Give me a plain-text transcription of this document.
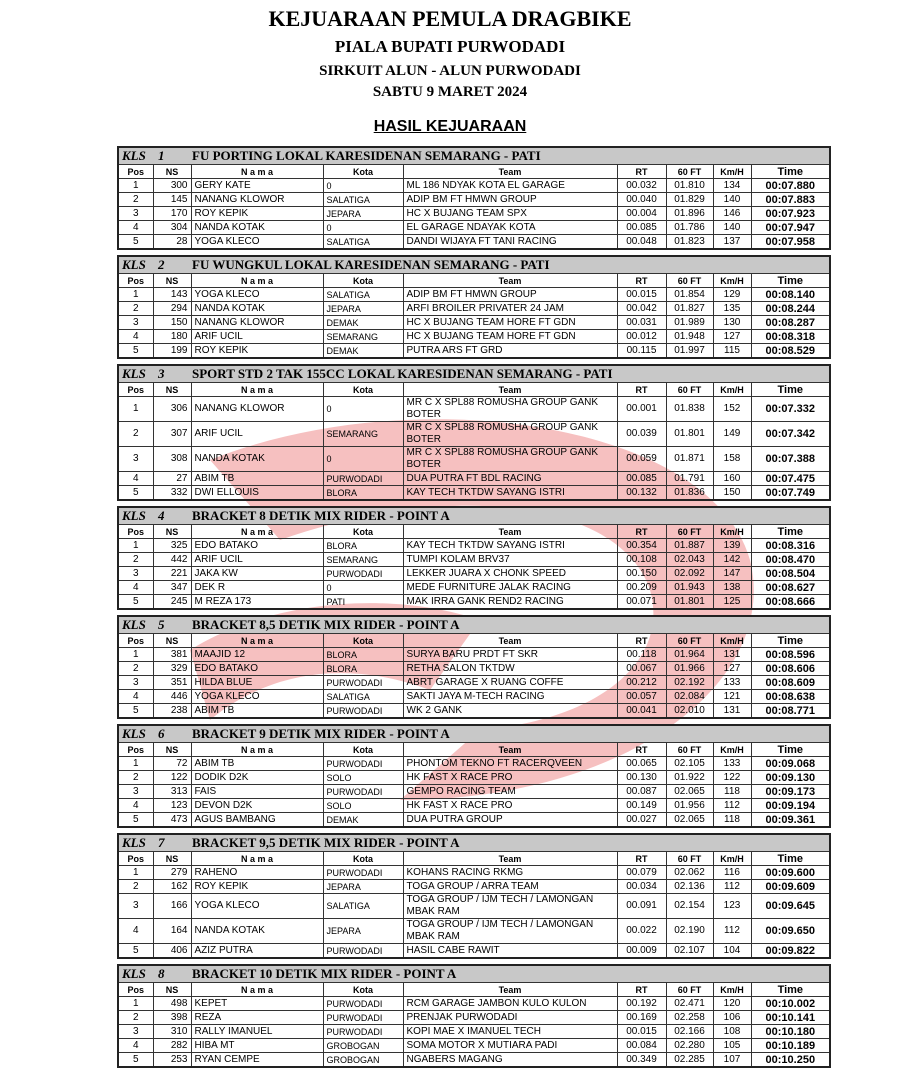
KEJUARAAN PEMULA DRAGBIKE
PIALA BUPATI PURWODADI
SIRKUIT ALUN - ALUN PURWODADI
SABTU 9 MARET 2024
HASIL KEJUARAAN
KLS 1 FU PORTING LOKAL KARESIDENAN SEMARANG - PATI								
Pos	NS	N a m a	Kota	Team	RT	60 FT	Km/H	Time
1	300	GERY KATE	0	ML 186 NDYAK KOTA EL GARAGE	00.032	01.810	134	00:07.880
2	145	NANANG KLOWOR	SALATIGA	ADIP BM FT HMWN GROUP	00.040	01.829	140	00:07.883
3	170	ROY KEPIK	JEPARA	HC X BUJANG TEAM SPX	00.004	01.896	146	00:07.923
4	304	NANDA KOTAK	0	EL GARAGE NDAYAK KOTA	00.085	01.786	140	00:07.947
5	28	YOGA KLECO	SALATIGA	DANDI WIJAYA FT TANI RACING	00.048	01.823	137	00:07.958
KLS 2 FU WUNGKUL LOKAL KARESIDENAN SEMARANG - PATI								
Pos	NS	N a m a	Kota	Team	RT	60 FT	Km/H	Time
1	143	YOGA KLECO	SALATIGA	ADIP BM FT HMWN GROUP	00.015	01.854	129	00:08.140
2	294	NANDA KOTAK	JEPARA	ARFI BROILER PRIVATER 24 JAM	00.042	01.827	135	00:08.244
3	150	NANANG KLOWOR	DEMAK	HC X BUJANG TEAM HORE FT GDN	00.031	01.989	130	00:08.287
4	180	ARIF UCIL	SEMARANG	HC X BUJANG TEAM HORE FT GDN	00.012	01.948	127	00:08.318
5	199	ROY KEPIK	DEMAK	PUTRA ARS FT GRD	00.115	01.997	115	00:08.529
KLS 3 SPORT STD 2 TAK 155CC LOKAL KARESIDENAN SEMARANG - PATI								
Pos	NS	N a m a	Kota	Team	RT	60 FT	Km/H	Time
1	306	NANANG KLOWOR	0	MR C X SPL88 ROMUSHA GROUP GANK BOTER	00.001	01.838	152	00:07.332
2	307	ARIF UCIL	SEMARANG	MR C X SPL88 ROMUSHA GROUP GANK BOTER	00.039	01.801	149	00:07.342
3	308	NANDA KOTAK	0	MR C X SPL88 ROMUSHA GROUP GANK BOTER	00.059	01.871	158	00:07.388
4	27	ABIM TB	PURWODADI	DUA PUTRA FT BDL RACING	00.085	01.791	160	00:07.475
5	332	DWI ELLOUIS	BLORA	KAY TECH TKTDW SAYANG ISTRI	00.132	01.836	150	00:07.749
KLS 4 BRACKET 8 DETIK MIX RIDER - POINT A								
Pos	NS	N a m a	Kota	Team	RT	60 FT	Km/H	Time
1	325	EDO BATAKO	BLORA	KAY TECH TKTDW SAYANG ISTRI	00.354	01.887	139	00:08.316
2	442	ARIF UCIL	SEMARANG	TUMPI KOLAM BRV37	00.108	02.043	142	00:08.470
3	221	JAKA KW	PURWODADI	LEKKER JUARA X CHONK SPEED	00.150	02.092	147	00:08.504
4	347	DEK R	0	MEDE FURNITURE JALAK RACING	00.209	01.943	138	00:08.627
5	245	M REZA 173	PATI	MAK IRRA GANK REND2 RACING	00.071	01.801	125	00:08.666
KLS 5 BRACKET 8,5 DETIK MIX RIDER - POINT A								
Pos	NS	N a m a	Kota	Team	RT	60 FT	Km/H	Time
1	381	MAAJID 12	BLORA	SURYA BARU PRDT FT SKR	00.118	01.964	131	00:08.596
2	329	EDO BATAKO	BLORA	RETHA SALON TKTDW	00.067	01.966	127	00:08.606
3	351	HILDA BLUE	PURWODADI	ABRT GARAGE X RUANG COFFE	00.212	02.192	133	00:08.609
4	446	YOGA KLECO	SALATIGA	SAKTI JAYA M-TECH RACING	00.057	02.084	121	00:08.638
5	238	ABIM TB	PURWODADI	WK 2 GANK	00.041	02.010	131	00:08.771
KLS 6 BRACKET 9 DETIK MIX RIDER - POINT A								
Pos	NS	N a m a	Kota	Team	RT	60 FT	Km/H	Time
1	72	ABIM TB	PURWODADI	PHONTOM TEKNO FT RACERQVEEN	00.065	02.105	133	00:09.068
2	122	DODIK D2K	SOLO	HK FAST X RACE PRO	00.130	01.922	122	00:09.130
3	313	FAIS	PURWODADI	GEMPO RACING TEAM	00.087	02.065	118	00:09.173
4	123	DEVON D2K	SOLO	HK FAST X RACE PRO	00.149	01.956	112	00:09.194
5	473	AGUS BAMBANG	DEMAK	DUA PUTRA GROUP	00.027	02.065	118	00:09.361
KLS 7 BRACKET 9,5 DETIK MIX RIDER - POINT A								
Pos	NS	N a m a	Kota	Team	RT	60 FT	Km/H	Time
1	279	RAHENO	PURWODADI	KOHANS RACING RKMG	00.079	02.062	116	00:09.600
2	162	ROY KEPIK	JEPARA	TOGA GROUP / ARRA TEAM	00.034	02.136	112	00:09.609
3	166	YOGA KLECO	SALATIGA	TOGA GROUP / IJM TECH / LAMONGAN MBAK RAM	00.091	02.154	123	00:09.645
4	164	NANDA KOTAK	JEPARA	TOGA GROUP / IJM TECH / LAMONGAN MBAK RAM	00.022	02.190	112	00:09.650
5	406	AZIZ PUTRA	PURWODADI	HASIL CABE RAWIT	00.009	02.107	104	00:09.822
KLS 8 BRACKET 10 DETIK MIX RIDER - POINT A								
Pos	NS	N a m a	Kota	Team	RT	60 FT	Km/H	Time
1	498	KEPET	PURWODADI	RCM GARAGE JAMBON KULO KULON	00.192	02.471	120	00:10.002
2	398	REZA	PURWODADI	PRENJAK PURWODADI	00.169	02.258	106	00:10.141
3	310	RALLY IMANUEL	PURWODADI	KOPI MAE X IMANUEL TECH	00.015	02.166	108	00:10.180
4	282	HIBA MT	GROBOGAN	SOMA MOTOR X MUTIARA PADI	00.084	02.280	105	00:10.189
5	253	RYAN CEMPE	GROBOGAN	NGABERS MAGANG	00.349	02.285	107	00:10.250
